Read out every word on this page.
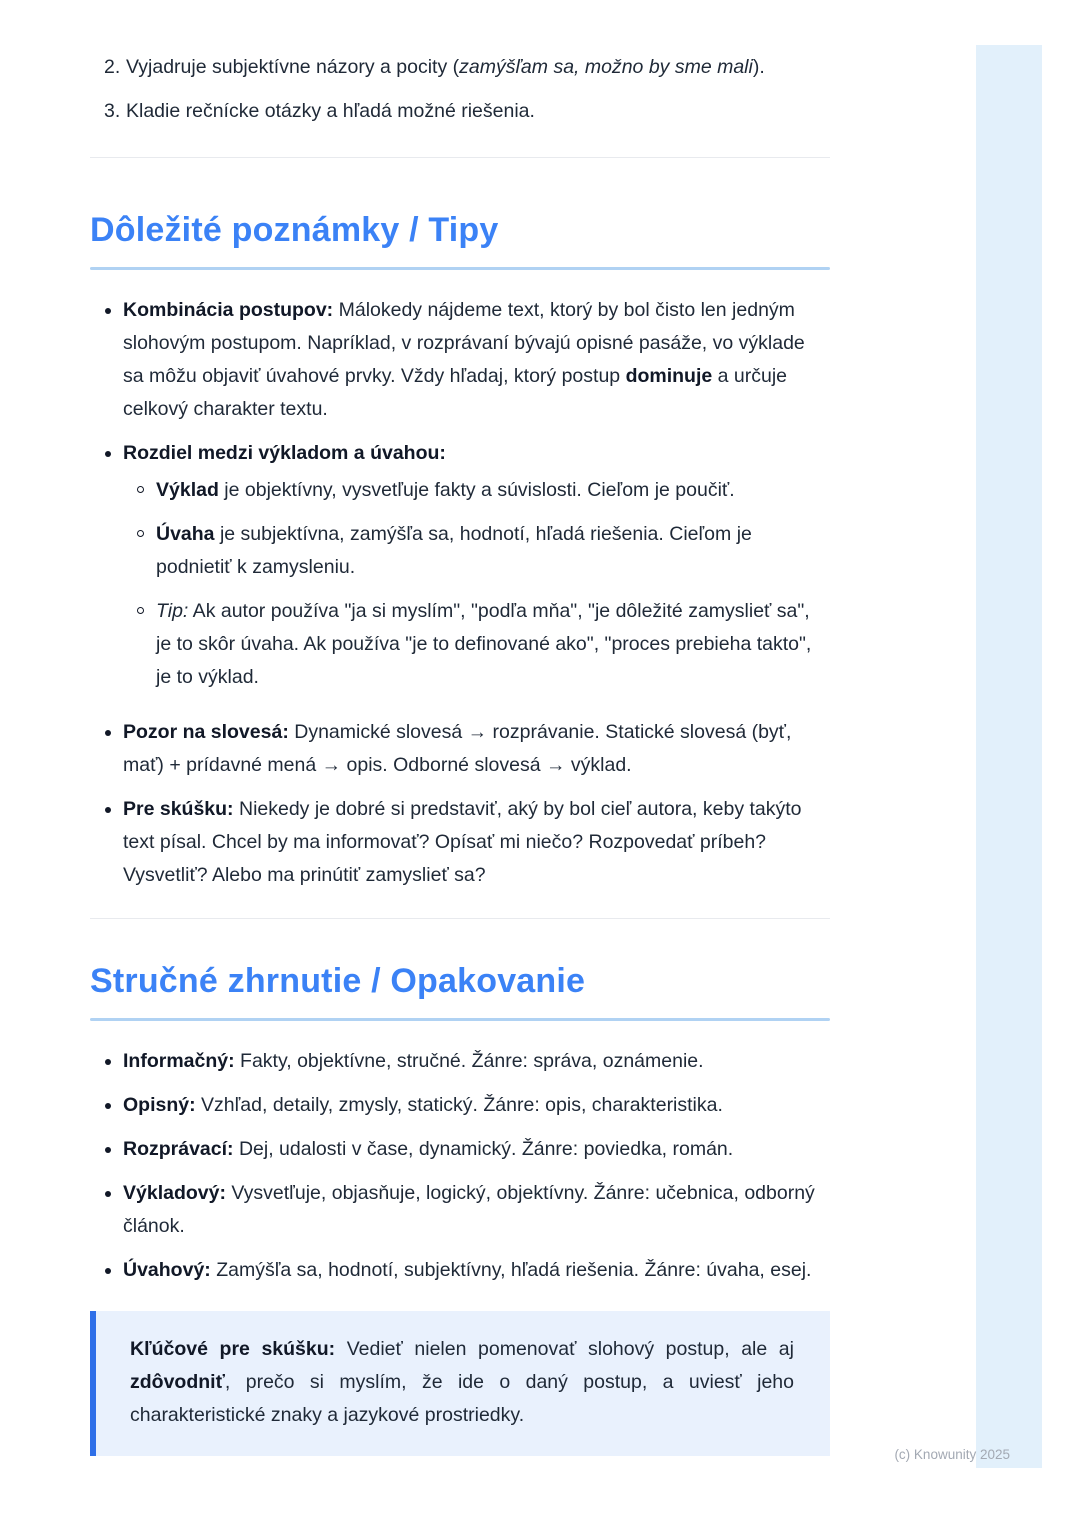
2. Vyjadruje subjektívne názory a pocity (zamýšľam sa, možno by sme mali).
3. Kladie rečnícke otázky a hľadá možné riešenia.
Dôležité poznámky / Tipy
Kombinácia postupov: Málokedy nájdeme text, ktorý by bol čisto len jedným slohovým postupom. Napríklad, v rozprávaní bývajú opisné pasáže, vo výklade sa môžu objaviť úvahové prvky. Vždy hľadaj, ktorý postup dominuje a určuje celkový charakter textu.
Rozdiel medzi výkladom a úvahou:
Výklad je objektívny, vysvetľuje fakty a súvislosti. Cieľom je poučiť.
Úvaha je subjektívna, zamýšľa sa, hodnotí, hľadá riešenia. Cieľom je podnietiť k zamysleniu.
Tip: Ak autor používa "ja si myslím", "podľa mňa", "je dôležité zamyslieť sa", je to skôr úvaha. Ak používa "je to definované ako", "proces prebieha takto", je to výklad.
Pozor na slovesá: Dynamické slovesá → rozprávanie. Statické slovesá (byť, mať) + prídavné mená → opis. Odborné slovesá → výklad.
Pre skúšku: Niekedy je dobré si predstaviť, aký by bol cieľ autora, keby takýto text písal. Chcel by ma informovať? Opísať mi niečo? Rozpovedať príbeh? Vysvetliť? Alebo ma prinútiť zamyslieť sa?
Stručné zhrnutie / Opakovanie
Informačný: Fakty, objektívne, stručné. Žánre: správa, oznámenie.
Opisný: Vzhľad, detaily, zmysly, statický. Žánre: opis, charakteristika.
Rozprávací: Dej, udalosti v čase, dynamický. Žánre: poviedka, román.
Výkladový: Vysvetľuje, objasňuje, logický, objektívny. Žánre: učebnica, odborný článok.
Úvahový: Zamýšľa sa, hodnotí, subjektívny, hľadá riešenia. Žánre: úvaha, esej.

Kľúčové pre skúšku: Vedieť nielen pomenovať slohový postup, ale aj zdôvodniť, prečo si myslím, že ide o daný postup, a uviesť jeho charakteristické znaky a jazykové prostriedky.

(c) Knowunity 2025
